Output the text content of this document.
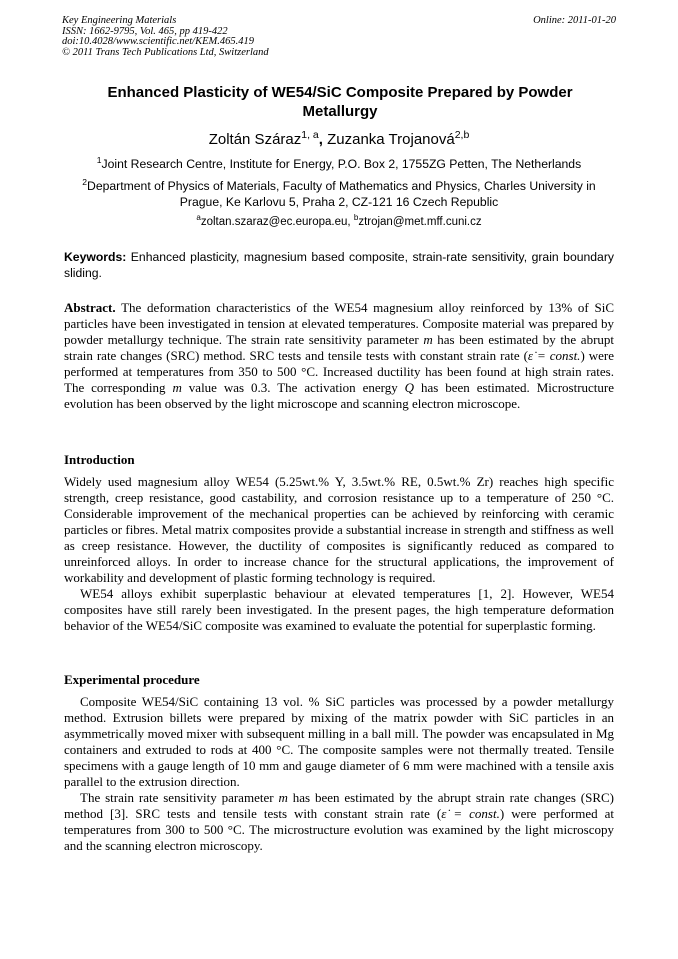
Key Engineering Materials
ISSN: 1662-9795, Vol. 465, pp 419-422
doi:10.4028/www.scientific.net/KEM.465.419
© 2011 Trans Tech Publications Ltd, Switzerland
Online: 2011-01-20
Enhanced Plasticity of WE54/SiC Composite Prepared by Powder Metallurgy
Zoltán Száraz$^{1, a}$, Zuzanka Trojanová$^{2,b}$
$^1$Joint Research Centre, Institute for Energy, P.O. Box 2, 1755ZG Petten, The Netherlands
$^2$Department of Physics of Materials, Faculty of Mathematics and Physics, Charles University in Prague, Ke Karlovu 5, Praha 2, CZ-121 16 Czech Republic
$^a$zoltan.szaraz@ec.europa.eu, $^b$ztrojan@met.mff.cuni.cz
Keywords: Enhanced plasticity, magnesium based composite, strain-rate sensitivity, grain boundary sliding.
Abstract. The deformation characteristics of the WE54 magnesium alloy reinforced by 13% of SiC particles have been investigated in tension at elevated temperatures. Composite material was prepared by powder metallurgy technique. The strain rate sensitivity parameter m has been estimated by the abrupt strain rate changes (SRC) method. SRC tests and tensile tests with constant strain rate (ε̇ = const.) were performed at temperatures from 350 to 500 °C. Increased ductility has been found at high strain rates. The corresponding m value was 0.3. The activation energy Q has been estimated. Microstructure evolution has been observed by the light microscope and scanning electron microscope.
Introduction

Widely used magnesium alloy WE54 (5.25wt.% Y, 3.5wt.% RE, 0.5wt.% Zr) reaches high specific strength, creep resistance, good castability, and corrosion resistance up to a temperature of 250 °C. Considerable improvement of the mechanical properties can be achieved by reinforcing with ceramic particles or fibres. Metal matrix composites provide a substantial increase in strength and stiffness as well as creep resistance. However, the ductility of composites is significantly reduced as compared to unreinforced alloys. In order to increase chance for the structural applications, the improvement of workability and development of plastic forming technology is required.

WE54 alloys exhibit superplastic behaviour at elevated temperatures [1, 2]. However, WE54 composites have still rarely been investigated. In the present pages, the high temperature deformation behavior of the WE54/SiC composite was examined to evaluate the potential for superplastic forming.

Experimental procedure

Composite WE54/SiC containing 13 vol. % SiC particles was processed by a powder metallurgy method. Extrusion billets were prepared by mixing of the matrix powder with SiC particles in an asymmetrically moved mixer with subsequent milling in a ball mill. The powder was encapsulated in Mg containers and extruded to rods at 400 °C. The composite samples were not thermally treated. Tensile specimens with a gauge length of 10 mm and gauge diameter of 6 mm were machined with a tensile axis parallel to the extrusion direction.

The strain rate sensitivity parameter m has been estimated by the abrupt strain rate changes (SRC) method [3]. SRC tests and tensile tests with constant strain rate (ε̇ = const.) were performed at temperatures from 300 to 500 °C. The microstructure evolution was examined by the light microscopy and the scanning electron microscopy.
